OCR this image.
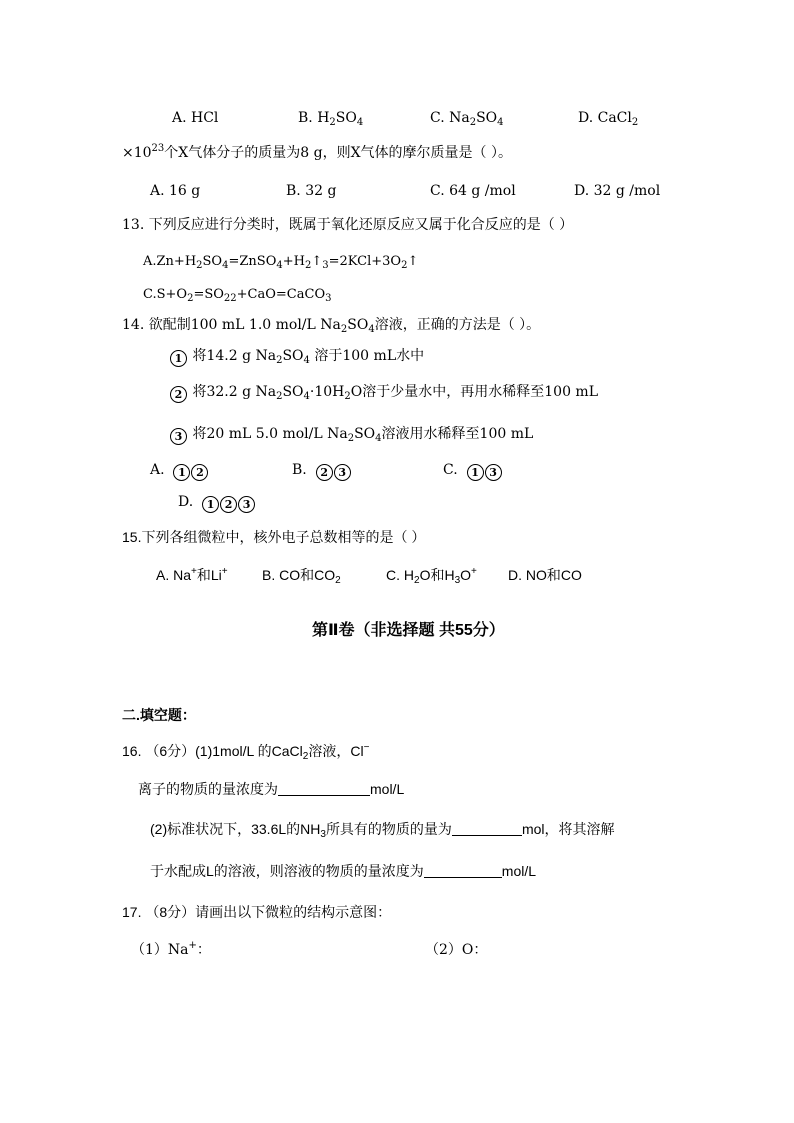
A. HCl	B. $H_2SO_4$	C. $Na_2SO_4$	D. CaCl$_2$
$\times 10^{23}$个X气体分子的质量为8 g，则X气体的摩尔质量是（ ）。
A. 16 g	B. 32 g	C. 64 g /mol	D. 32 g /mol
13. 下列反应进行分类时，既属于氧化还原反应又属于化合反应的是（ ）
$A.Zn+H_2SO_4=ZnSO_4+H_2↑_3=2KCl+3O_2↑$
$C.S+O_2=SO_{22}+CaO=CaCO_3$
14. 欲配制100 mL 1.0 mol/L $Na_2SO_4$溶液，正确的方法是（ ）。
1 将14.2 g $Na_2SO_4$ 溶于100 mL水中
2 将32.2 g $Na_2SO_4\cdot 10H_2O$溶于少量水中，再用水稀释至100 mL
3 将20 mL 5.0 mol/L $Na_2SO_4$溶液用水稀释至100 mL
A. 1 2	B. 2 3	C. 1 3
D. 1 2 3
15.下列各组微粒中，核外电子总数相等的是（ ）
A. Na+和Li+ B. CO和$CO_2$	C. $H_2O$和$H_3O^+$ D. NO和CO
第Ⅱ卷（非选择题 共55分）
二.填空题：
16. （6分）(1)1mol/L 的CaCl$_2$溶液，Cl−
离子的物质的量浓度为	mol/L
(2)标准状况下，33.6L的$NH_3$所具有的物质的量为	mol，将其溶解
于水配成L的溶液，则溶液的物质的量浓度为	mol/L
17. （8分）请画出以下微粒的结构示意图：
（1）Na+：	（2）O：
